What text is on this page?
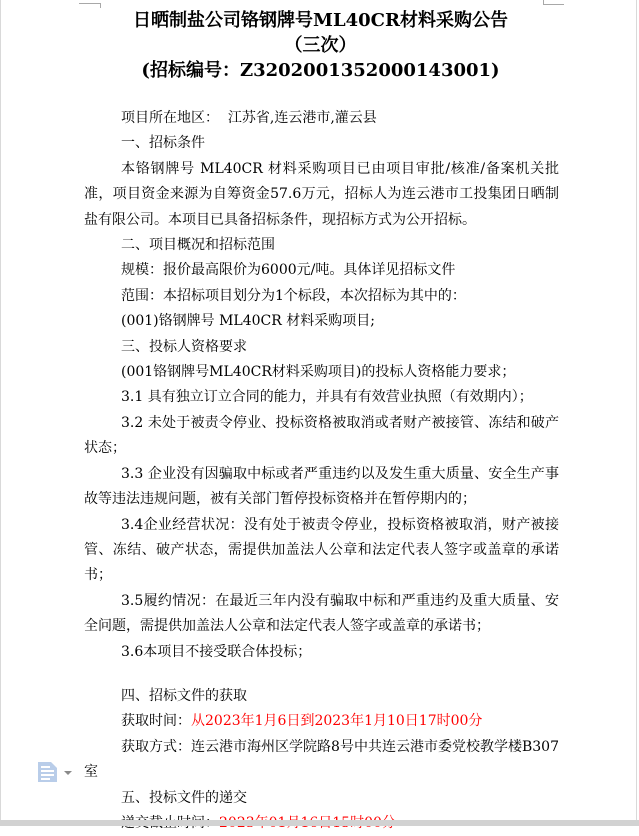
日晒制盐公司铬钢牌号ML40CR材料采购公告
（三次）
(招标编号：Z3202001352000143001)

项目所在地区：  江苏省,连云港市,灌云县

一、招标条件

本铬钢牌号 ML40CR 材料采购项目已由项目审批/核准/备案机关批准，项目资金来源为自筹资金57.6万元，招标人为连云港市工投集团日晒制盐有限公司。本项目已具备招标条件，现招标方式为公开招标。

二、项目概况和招标范围

规模：报价最高限价为6000元/吨。具体详见招标文件

范围：本招标项目划分为1个标段，本次招标为其中的：

(001)铬钢牌号 ML40CR 材料采购项目;

三、投标人资格要求

(001铬钢牌号ML40CR材料采购项目)的投标人资格能力要求；

3.1 具有独立订立合同的能力，并具有有效营业执照（有效期内）；

3.2 未处于被责令停业、投标资格被取消或者财产被接管、冻结和破产状态；

3.3 企业没有因骗取中标或者严重违约以及发生重大质量、安全生产事故等违法违规问题，被有关部门暂停投标资格并在暂停期内的；

3.4企业经营状况：没有处于被责令停业，投标资格被取消，财产被接管、冻结、破产状态，需提供加盖法人公章和法定代表人签字或盖章的承诺书；

3.5履约情况：在最近三年内没有骗取中标和严重违约及重大质量、安全问题，需提供加盖法人公章和法定代表人签字或盖章的承诺书；

3.6本项目不接受联合体投标；

四、招标文件的获取

获取时间：从2023年1月6日到2023年1月10日17时00分

获取方式：连云港市海州区学院路8号中共连云港市委党校教学楼B307室

五、投标文件的递交
